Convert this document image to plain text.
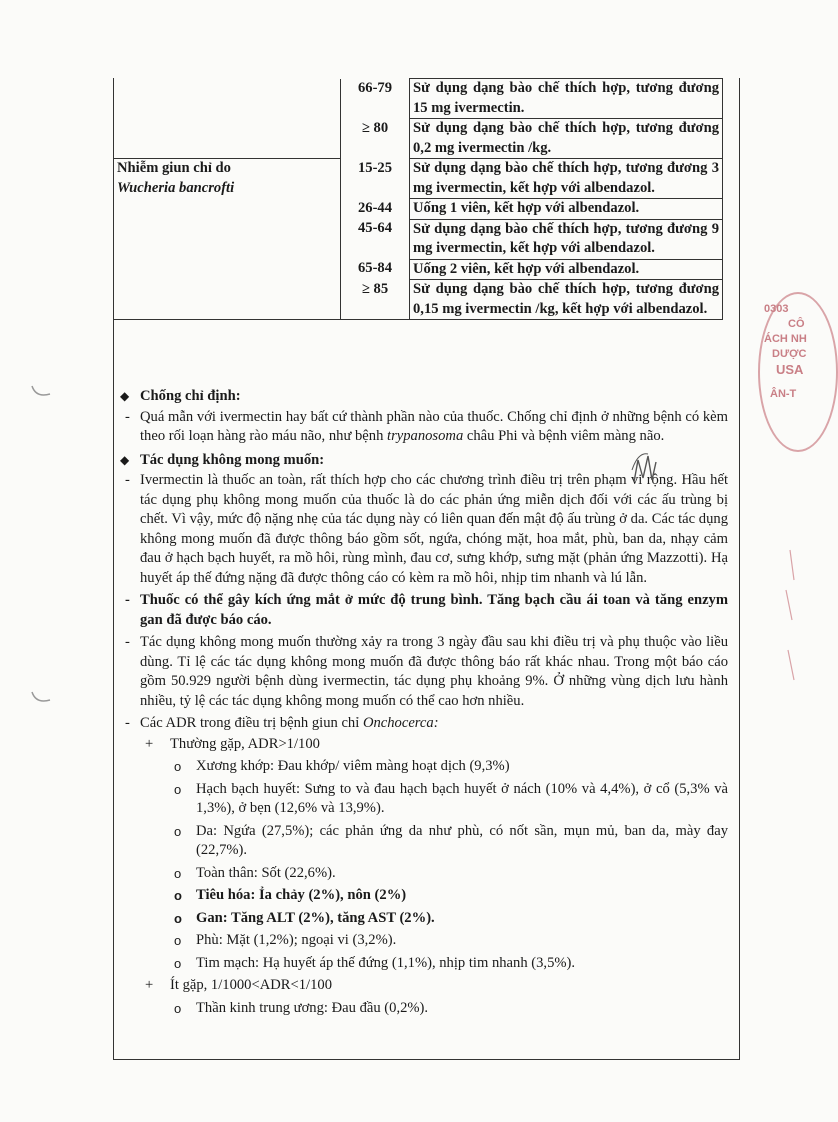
	66-79	Sử dụng dạng bào chế thích hợp, tương đương 15 mg ivermectin.
	≥ 80	Sử dụng dạng bào chế thích hợp, tương đương 0,2 mg ivermectin /kg.
Nhiễm giun chỉ do
Wucheria bancrofti	15-25	Sử dụng dạng bào chế thích hợp, tương đương 3 mg ivermectin, kết hợp với albendazol.
	26-44	Uống 1 viên, kết hợp với albendazol.
	45-64	Sử dụng dạng bào chế thích hợp, tương đương 9 mg ivermectin, kết hợp với albendazol.
	65-84	Uống 2 viên, kết hợp với albendazol.
	≥ 85	Sử dụng dạng bào chế thích hợp, tương đương 0,15 mg ivermectin /kg, kết hợp với albendazol.
◆ Chống chỉ định:
- Quá mẫn với ivermectin hay bất cứ thành phần nào của thuốc. Chống chỉ định ở những bệnh có kèm theo rối loạn hàng rào máu não, như bệnh trypanosoma châu Phi và bệnh viêm màng não.
◆ Tác dụng không mong muốn:
- Ivermectin là thuốc an toàn, rất thích hợp cho các chương trình điều trị trên phạm vi rộng. Hầu hết tác dụng phụ không mong muốn của thuốc là do các phản ứng miễn dịch đối với các ấu trùng bị chết. Vì vậy, mức độ nặng nhẹ của tác dụng này có liên quan đến mật độ ấu trùng ở da. Các tác dụng không mong muốn đã được thông báo gồm sốt, ngứa, chóng mặt, hoa mắt, phù, ban da, nhạy cảm đau ở hạch bạch huyết, ra mồ hôi, rùng mình, đau cơ, sưng khớp, sưng mặt (phản ứng Mazzotti). Hạ huyết áp thế đứng nặng đã được thông cáo có kèm ra mồ hôi, nhịp tim nhanh và lú lẫn.
- Thuốc có thể gây kích ứng mắt ở mức độ trung bình. Tăng bạch cầu ái toan và tăng enzym gan đã được báo cáo.
- Tác dụng không mong muốn thường xảy ra trong 3 ngày đầu sau khi điều trị và phụ thuộc vào liều dùng. Tỉ lệ các tác dụng không mong muốn đã được thông báo rất khác nhau. Trong một báo cáo gồm 50.929 người bệnh dùng ivermectin, tác dụng phụ khoảng 9%. Ở những vùng dịch lưu hành nhiều, tỷ lệ các tác dụng không mong muốn có thể cao hơn nhiều.
- Các ADR trong điều trị bệnh giun chỉ Onchocerca:
+ Thường gặp, ADR>1/100
o Xương khớp: Đau khớp/ viêm màng hoạt dịch (9,3%)
o Hạch bạch huyết: Sưng to và đau hạch bạch huyết ở nách (10% và 4,4%), ở cổ (5,3% và 1,3%), ở bẹn (12,6% và 13,9%).
o Da: Ngứa (27,5%); các phản ứng da như phù, có nốt sần, mụn mủ, ban da, mày đay (22,7%).
o Toàn thân: Sốt (22,6%).
o Tiêu hóa: Ỉa chảy (2%), nôn (2%)
o Gan: Tăng ALT (2%), tăng AST (2%).
o Phù: Mặt (1,2%); ngoại vi (3,2%).
o Tim mạch: Hạ huyết áp thế đứng (1,1%), nhịp tim nhanh (3,5%).
+ Ít gặp, 1/1000<ADR<1/100
o Thần kinh trung ương: Đau đầu (0,2%).
0303
CÔ
ÁCH NH
DƯỢC
USA
ÂN-T
